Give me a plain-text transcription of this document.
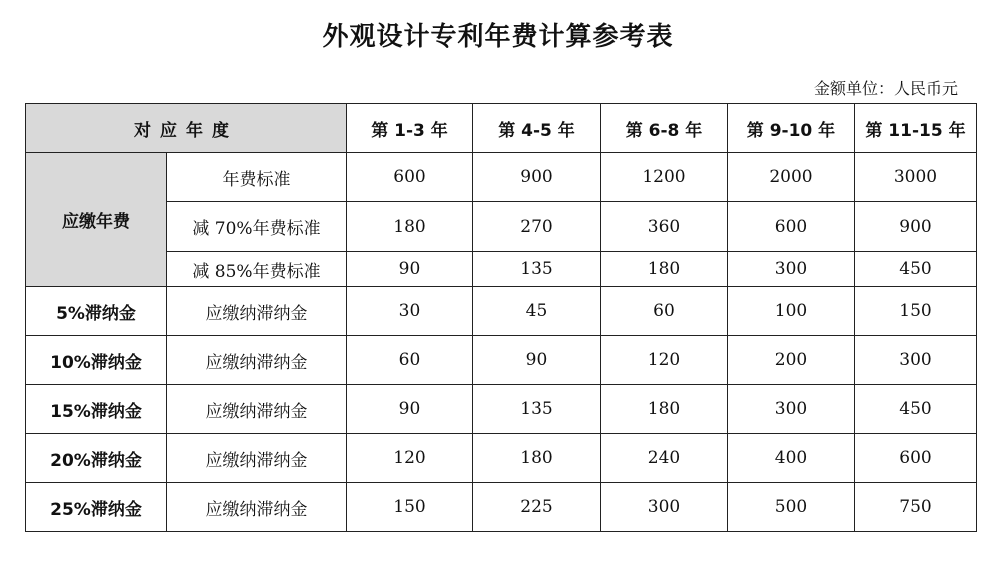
外观设计专利年费计算参考表
金额单位：人民币元
对应年度		第 1-3 年	第 4-5 年	第 6-8 年	第 9-10 年	第 11-15 年
应缴年费	年费标准	600	900	1200	2000	3000
	减 70%年费标准	180	270	360	600	900
	减 85%年费标准	90	135	180	300	450
5%滞纳金	应缴纳滞纳金	30	45	60	100	150
10%滞纳金	应缴纳滞纳金	60	90	120	200	300
15%滞纳金	应缴纳滞纳金	90	135	180	300	450
20%滞纳金	应缴纳滞纳金	120	180	240	400	600
25%滞纳金	应缴纳滞纳金	150	225	300	500	750
